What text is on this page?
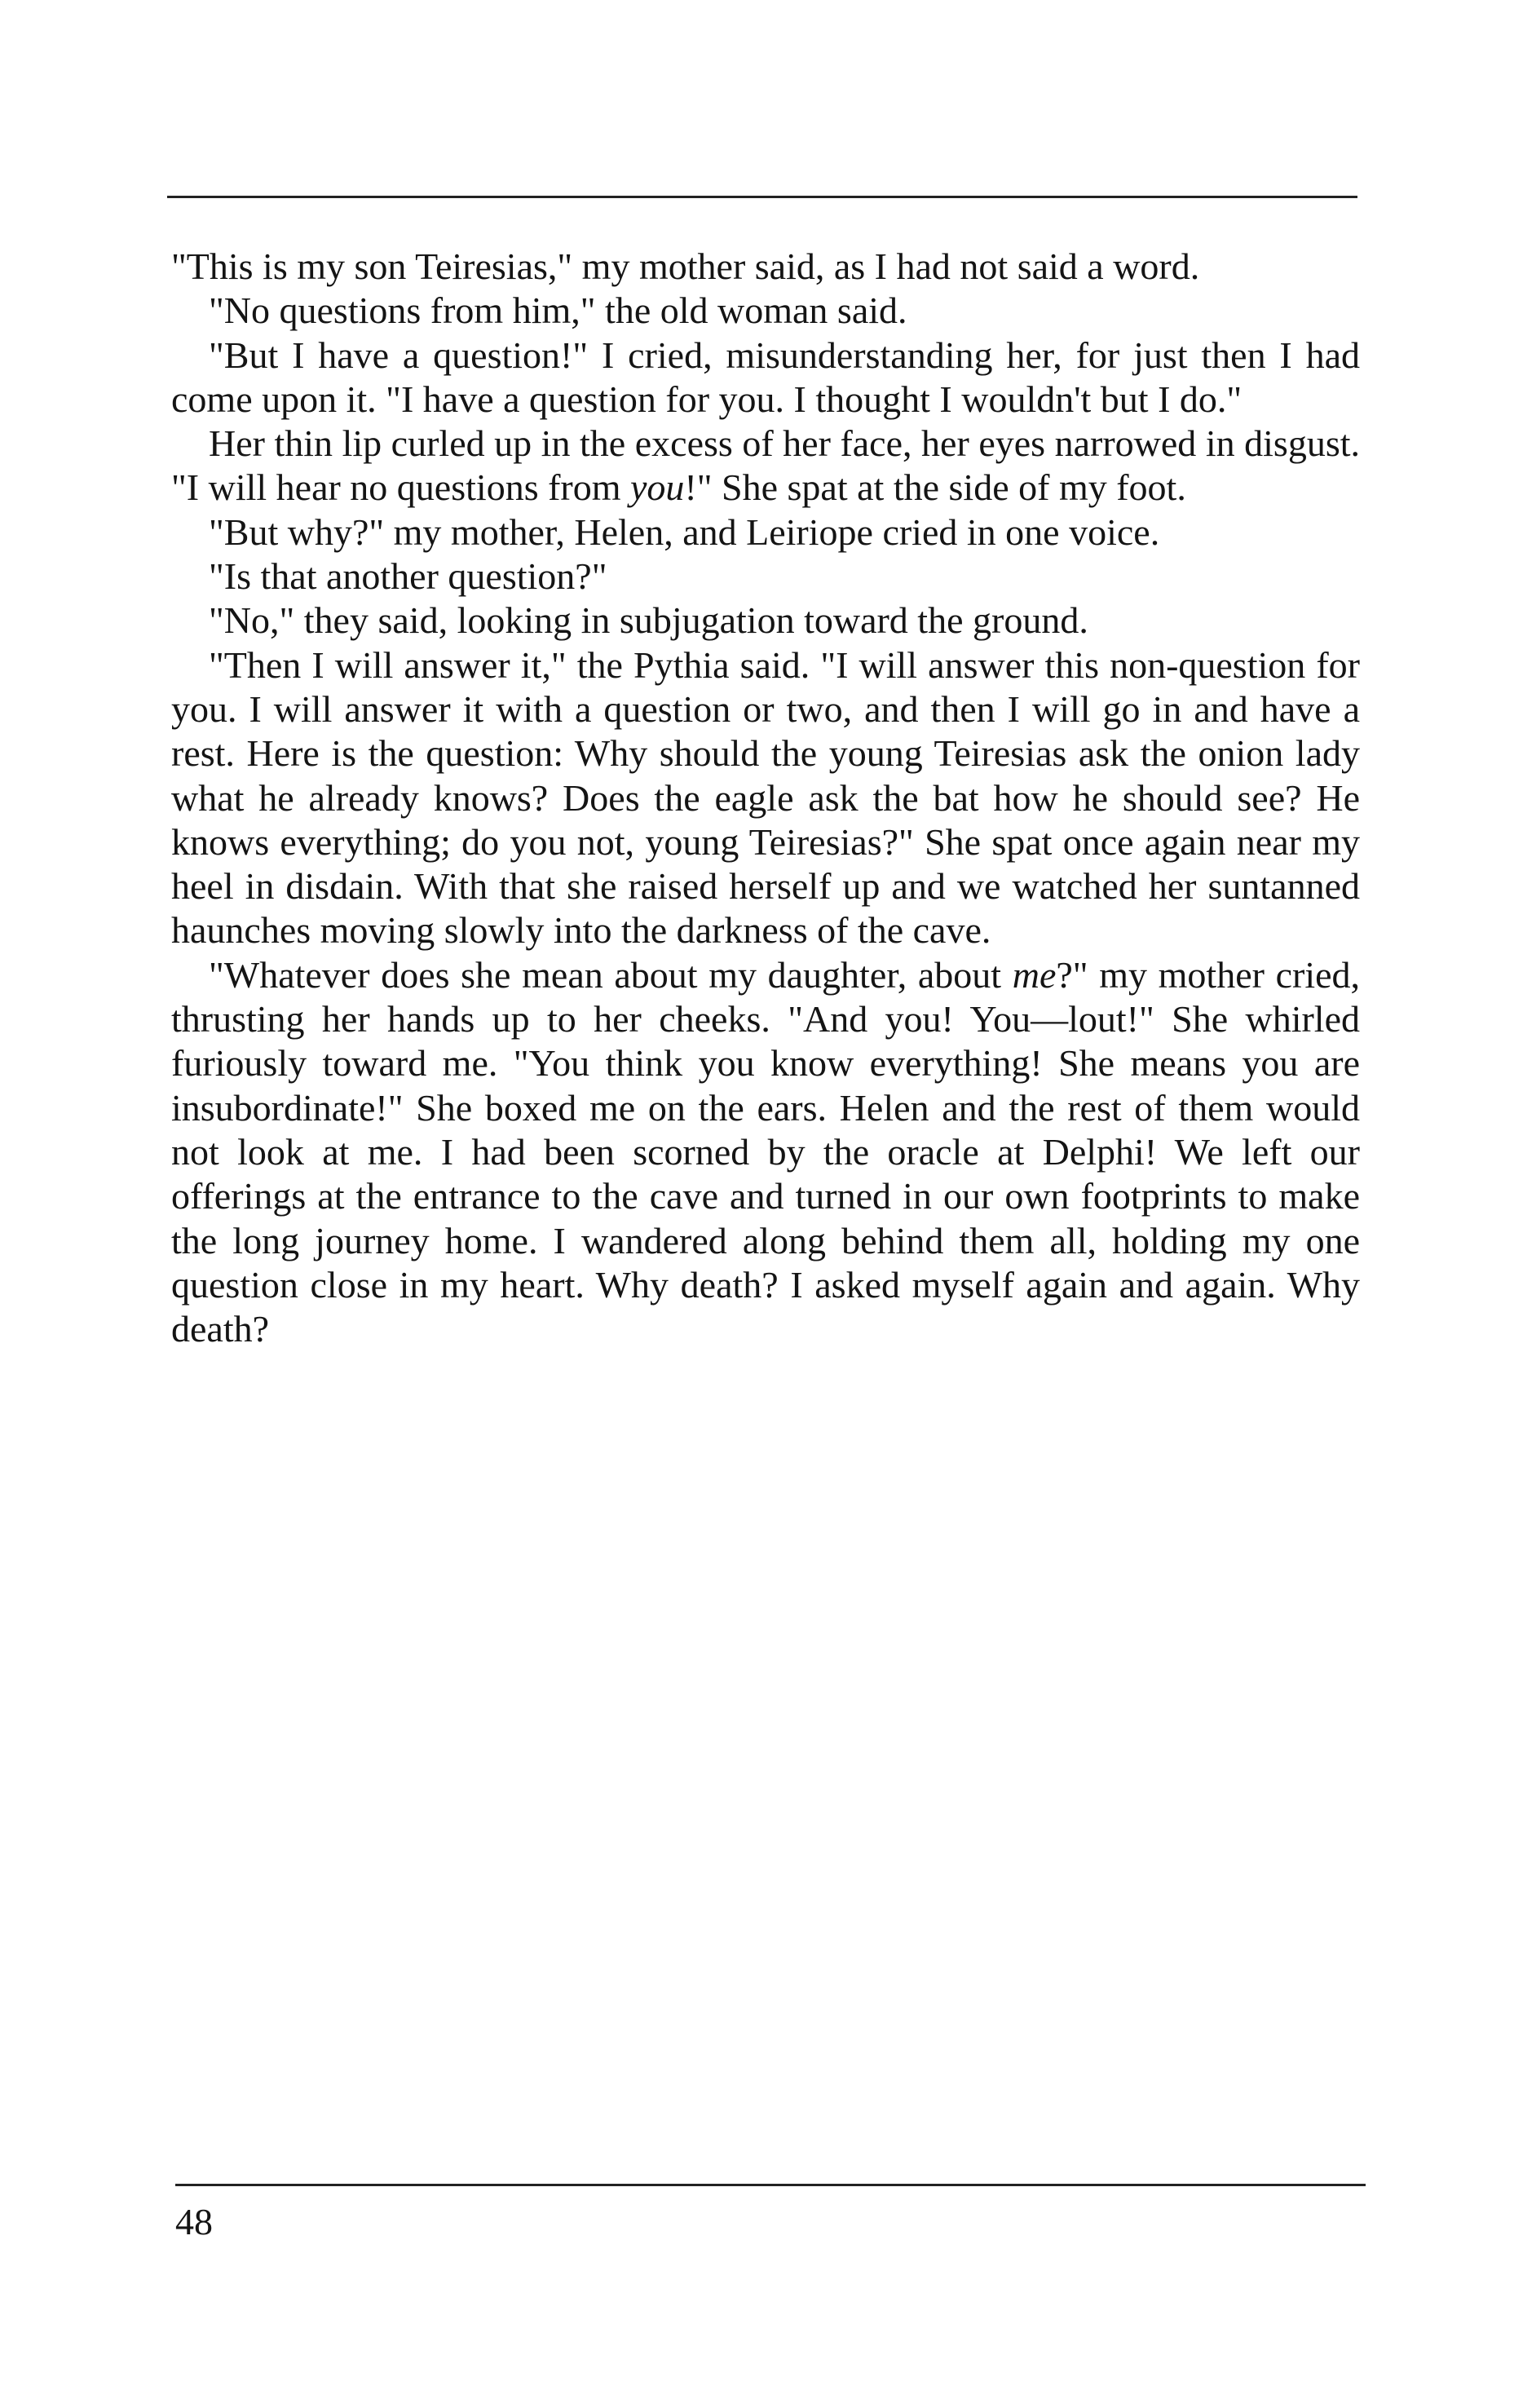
"This is my son Teiresias," my mother said, as I had not said a word.

"No questions from him," the old woman said.

"But I have a question!" I cried, misunderstanding her, for just then I had come upon it. "I have a question for you. I thought I wouldn't but I do."

Her thin lip curled up in the excess of her face, her eyes narrowed in disgust. "I will hear no questions from you!" She spat at the side of my foot.

"But why?" my mother, Helen, and Leiriope cried in one voice.

"Is that another question?"

"No," they said, looking in subjugation toward the ground.

"Then I will answer it," the Pythia said. "I will answer this non-question for you. I will answer it with a question or two, and then I will go in and have a rest. Here is the question: Why should the young Teiresias ask the onion lady what he already knows? Does the eagle ask the bat how he should see? He knows everything; do you not, young Teiresias?" She spat once again near my heel in disdain. With that she raised herself up and we watched her suntanned haunches moving slowly into the darkness of the cave.

"Whatever does she mean about my daughter, about me?" my mother cried, thrusting her hands up to her cheeks. "And you! You—lout!" She whirled furiously toward me. "You think you know everything! She means you are insubordinate!" She boxed me on the ears. Helen and the rest of them would not look at me. I had been scorned by the oracle at Delphi! We left our offerings at the entrance to the cave and turned in our own footprints to make the long journey home. I wandered along behind them all, holding my one question close in my heart. Why death? I asked myself again and again. Why death?

48
